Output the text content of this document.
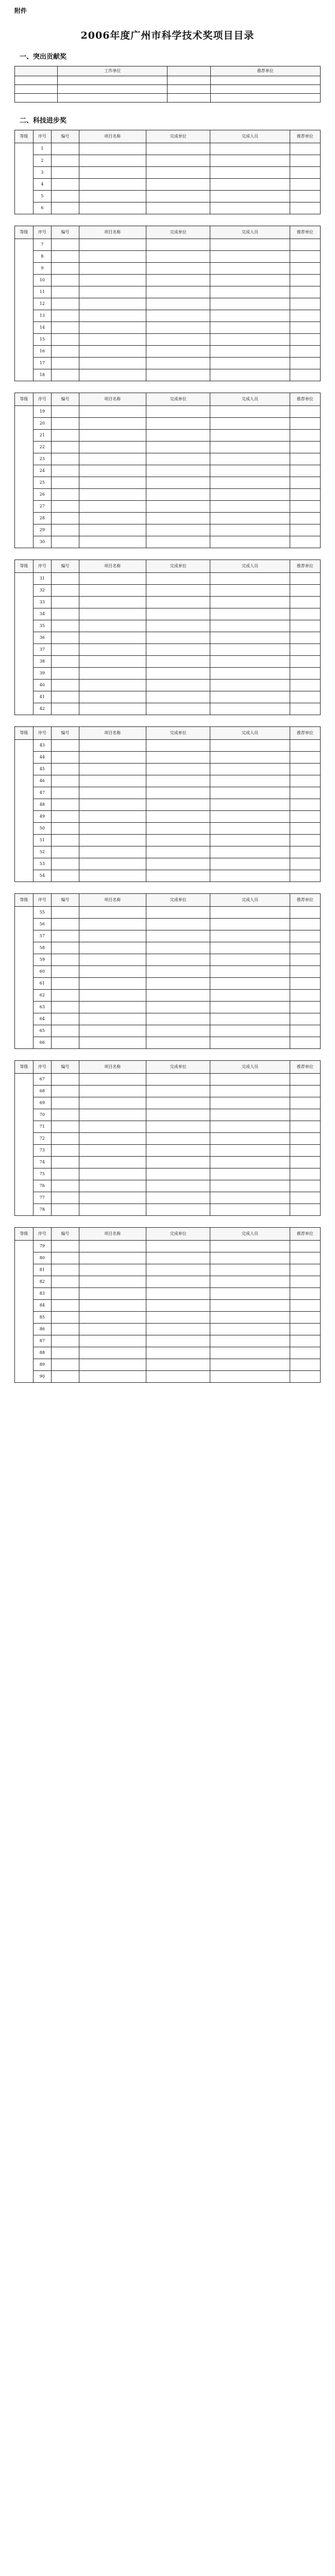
附件
2006年度广州市科学技术奖项目目录
一、突出贡献奖
	工作单位		推荐单位

二、科技进步奖
等级	序号	编号	项目名称	完成单位	完成人员	推荐单位
	1					
	2					
	3					
	4					
	5					
	6					
等级	序号	编号	项目名称	完成单位	完成人员	推荐单位
	7					
	8					
	9					
	10					
	11					
	12					
	13					
	14					
	15					
	16					
	17					
	18					
等级	序号	编号	项目名称	完成单位	完成人员	推荐单位
	19					
	20					
	21					
	22					
	23					
	24					
	25					
	26					
	27					
	28					
	29					
	30					
等级	序号	编号	项目名称	完成单位	完成人员	推荐单位
	31					
	32					
	33					
	34					
	35					
	36					
	37					
	38					
	39					
	40					
	41					
	42					
等级	序号	编号	项目名称	完成单位	完成人员	推荐单位
	43					
	44					
	45					
	46					
	47					
	48					
	49					
	50					
	51					
	52					
	53					
	54					
等级	序号	编号	项目名称	完成单位	完成人员	推荐单位
	55					
	56					
	57					
	58					
	59					
	60					
	61					
	62					
	63					
	64					
	65					
	66					
等级	序号	编号	项目名称	完成单位	完成人员	推荐单位
	67					
	68					
	69					
	70					
	71					
	72					
	73					
	74					
	75					
	76					
	77					
	78					
等级	序号	编号	项目名称	完成单位	完成人员	推荐单位
	79					
	80					
	81					
	82					
	83					
	84					
	85					
	86					
	87					
	88					
	89					
	90					
